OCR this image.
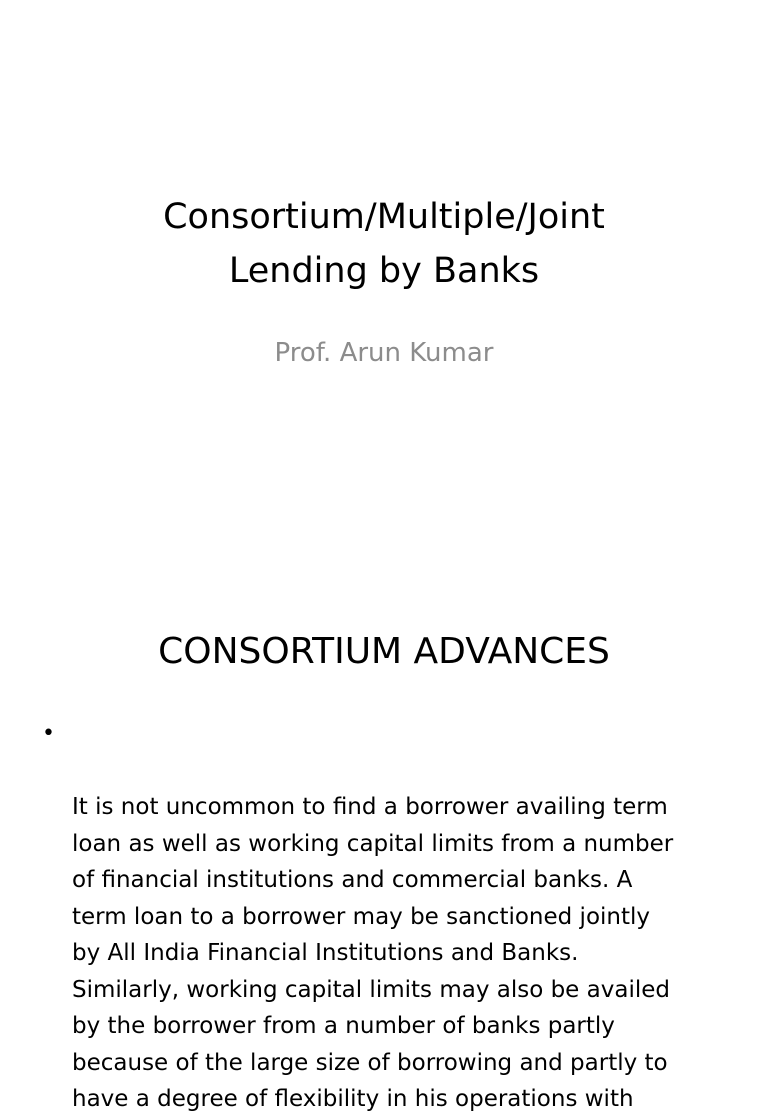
Consortium/Multiple/Joint
Lending by Banks

Prof. Arun Kumar

CONSORTIUM ADVANCES

•

It is not uncommon to find a borrower availing term
loan as well as working capital limits from a number
of financial institutions and commercial banks. A
term loan to a borrower may be sanctioned jointly
by All India Financial Institutions and Banks.
Similarly, working capital limits may also be availed
by the borrower from a number of banks partly
because of the large size of borrowing and partly to
have a degree of flexibility in his operations with
